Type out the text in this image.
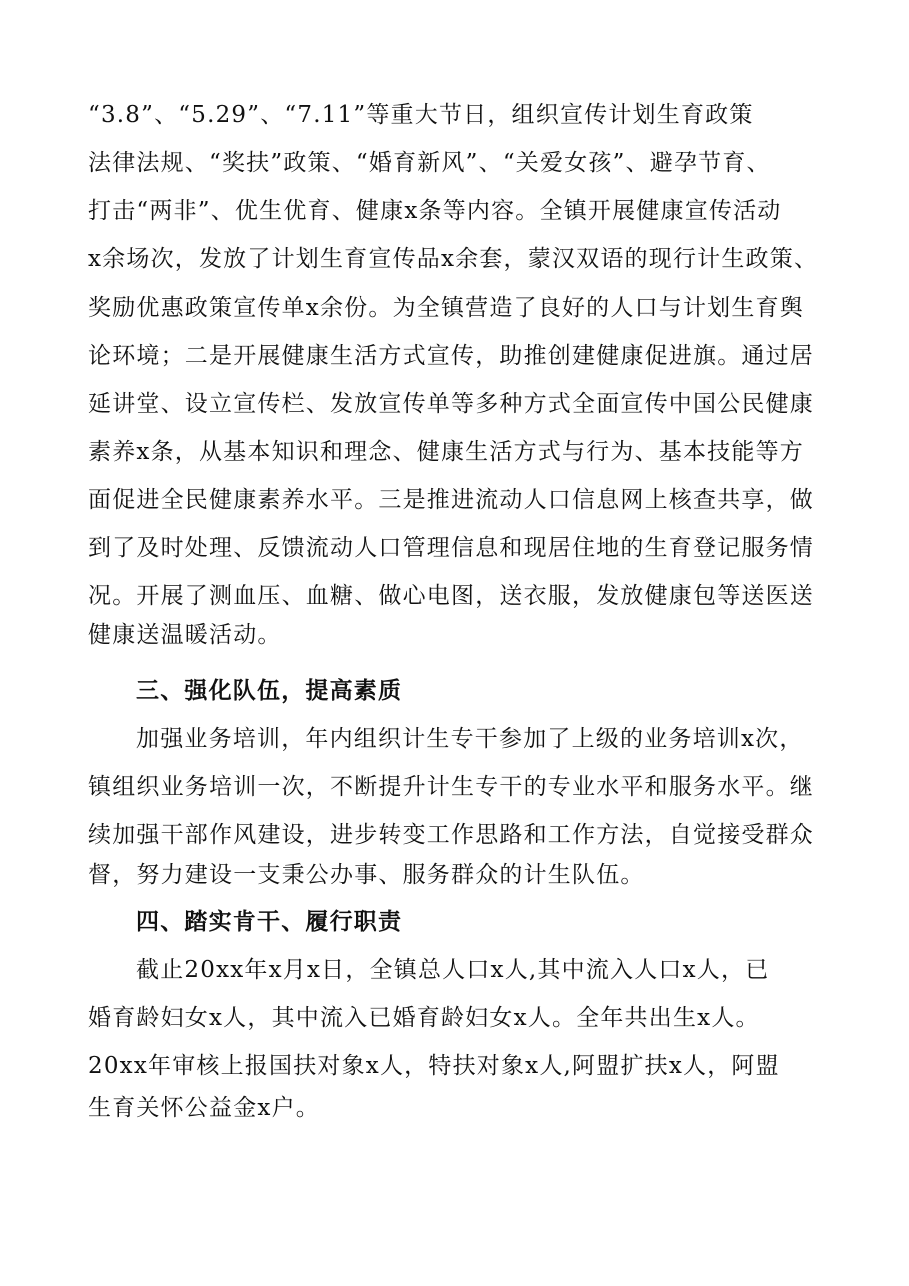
“3.8”、“5.29”、“7.11”等重大节日，组织宣传计划生育政策
法律法规、“奖扶”政策、“婚育新风”、“关爱女孩”、避孕节育、
打击“两非”、优生优育、健康x条等内容。全镇开展健康宣传活动
x余场次，发放了计划生育宣传品x余套，蒙汉双语的现行计生政策、
奖励优惠政策宣传单x余份。为全镇营造了良好的人口与计划生育舆
论环境；二是开展健康生活方式宣传，助推创建健康促进旗。通过居
延讲堂、设立宣传栏、发放宣传单等多种方式全面宣传中国公民健康
素养x条，从基本知识和理念、健康生活方式与行为、基本技能等方
面促进全民健康素养水平。三是推进流动人口信息网上核查共享，做
到了及时处理、反馈流动人口管理信息和现居住地的生育登记服务情
况。开展了测血压、血糖、做心电图，送衣服，发放健康包等送医送
健康送温暖活动。
三、强化队伍，提高素质
加强业务培训，年内组织计生专干参加了上级的业务培训x次，
镇组织业务培训一次，不断提升计生专干的专业水平和服务水平。继
续加强干部作风建设，进步转变工作思路和工作方法，自觉接受群众
督，努力建设一支秉公办事、服务群众的计生队伍。
四、踏实肯干、履行职责
截止20xx年x月x日，全镇总人口x人,其中流入人口x人，已
婚育龄妇女x人，其中流入已婚育龄妇女x人。全年共出生x人。
20xx年审核上报国扶对象x人，特扶对象x人,阿盟扩扶x人，阿盟
生育关怀公益金x户。
